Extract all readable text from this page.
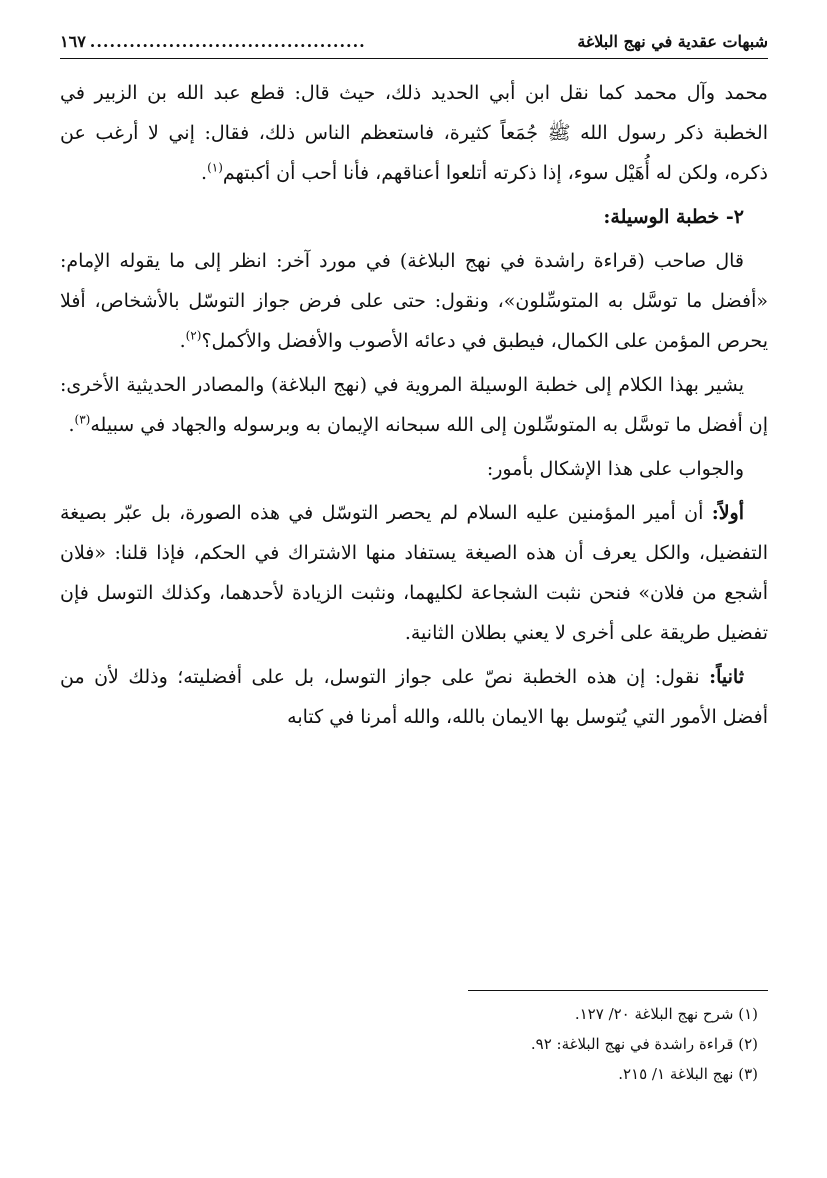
شبهات عقدية في نهج البلاغة
..........................................
١٦٧

محمد وآل محمد كما نقل ابن أبي الحديد ذلك، حيث قال: قطع عبد الله بن الزبير في الخطبة ذكر رسول الله ﷺ جُمَعاً كثيرة، فاستعظم الناس ذلك، فقال: إني لا أرغب عن ذكره، ولكن له أُهَيْل سوء، إذا ذكرته أتلعوا أعناقهم، فأنا أحب أن أكبتهم$^{(١)}$.

٢- خطبة الوسيلة:

قال صاحب (قراءة راشدة في نهج البلاغة) في مورد آخر: انظر إلى ما يقوله الإمام: «أفضل ما توسَّل به المتوسِّلون»، ونقول: حتى على فرض جواز التوسّل بالأشخاص، أفلا يحرص المؤمن على الكمال، فيطبق في دعائه الأصوب والأفضل والأكمل؟$^{(٢)}$.

يشير بهذا الكلام إلى خطبة الوسيلة المروية في (نهج البلاغة) والمصادر الحديثية الأخرى: إن أفضل ما توسَّل به المتوسِّلون إلى الله سبحانه الإيمان به وبرسوله والجهاد في سبيله$^{(٣)}$.

والجواب على هذا الإشكال بأمور:

أولاً: أن أمير المؤمنين عليه السلام لم يحصر التوسّل في هذه الصورة، بل عبّر بصيغة التفضيل، والكل يعرف أن هذه الصيغة يستفاد منها الاشتراك في الحكم، فإذا قلنا: «فلان أشجع من فلان» فنحن نثبت الشجاعة لكليهما، ونثبت الزيادة لأحدهما، وكذلك التوسل فإن تفضيل طريقة على أخرى لا يعني بطلان الثانية.

ثانياً: نقول: إن هذه الخطبة نصّ على جواز التوسل، بل على أفضليته؛ وذلك لأن من أفضل الأمور التي يُتوسل بها الايمان بالله، والله أمرنا في كتابه

(١) شرح نهج البلاغة ٢٠/ ١٢٧.
(٢) قراءة راشدة في نهج البلاغة: ٩٢.
(٣) نهج البلاغة ١/ ٢١٥.
